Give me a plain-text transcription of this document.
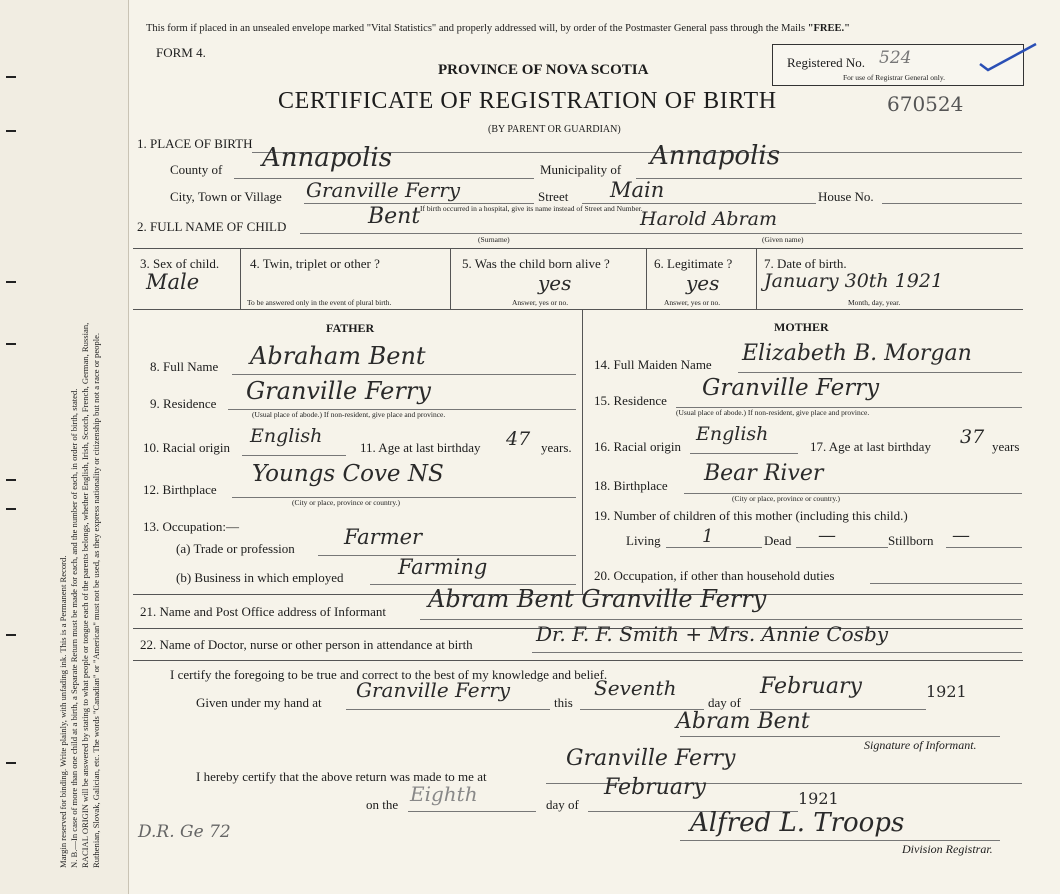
Margin reserved for binding. Write plainly, with unfading ink. This is a Permanent Record. N. B.—In case of more than one child at a birth, a Separate Return must be made for each, and the number of each, in order of birth, stated. RACIAL ORIGIN will be answered by stating to what people or tongue each of the parents belongs, whether English, Irish, Scotch, French, German, Russian, Ruthenian, Slovak, Galician, etc. The words "Canadian" or "American" must not be used, as they express nationality or citizenship but not a race or people.
This form if placed in an unsealed envelope marked "Vital Statistics" and properly addressed will, by order of the Postmaster General pass through the Mails "FREE."
FORM 4.
PROVINCE OF NOVA SCOTIA
CERTIFICATE OF REGISTRATION OF BIRTH	670524
(BY PARENT OR GUARDIAN)
Registered No. 524
For use of Registrar General only.
1. PLACE OF BIRTH
County of Annapolis	Municipality of Annapolis
City, Town or Village Granville Ferry	Street Main	House No.
If birth occurred in a hospital, give its name instead of Street and Number.
2. FULL NAME OF CHILD	Bent	Harold Abram
(Surname)	(Given name)
3. Sex of child.
Male
4. Twin, triplet or other ?
To be answered only in the event of plural birth.
5. Was the child born alive ?
yes
Answer, yes or no.
6. Legitimate ?
yes
Answer, yes or no.
7. Date of birth.
January 30th 1921
Month, day, year.
FATHER
8. Full Name Abraham Bent
9. Residence Granville Ferry
(Usual place of abode.) If non-resident, give place and province.
10. Racial origin
English
11. Age at last birthday 47 years.
12. Birthplace
Youngs Cove NS
(City or place, province or country.)
13. Occupation:—
(a) Trade or profession Farmer
(b) Business in which employed	Farming
MOTHER
14. Full Maiden Name Elizabeth B. Morgan
15. Residence Granville Ferry
(Usual place of abode.) If non-resident, give place and province.
16. Racial origin
English
17. Age at last birthday 37 years
18. Birthplace Bear River
(City or place, province or country.)
19. Number of children of this mother (including this child.)
Living 1	Dead —	Stillborn —
20. Occupation, if other than household duties
21. Name and Post Office address of Informant Abram Bent Granville Ferry
22. Name of Doctor, nurse or other person in attendance at birth	Dr. F. F. Smith + Mrs. Annie Cosby
I certify the foregoing to be true and correct to the best of my knowledge and belief.
Given under my hand at
Granville Ferry
this
Seventh
day of
February	1921
Abram Bent
Signature of Informant.
I hereby certify that the above return was made to me at
Granville Ferry
on the Eighth	day of
February	1921
Alfred L. Troops
Division Registrar.
D.R. Ge 72
